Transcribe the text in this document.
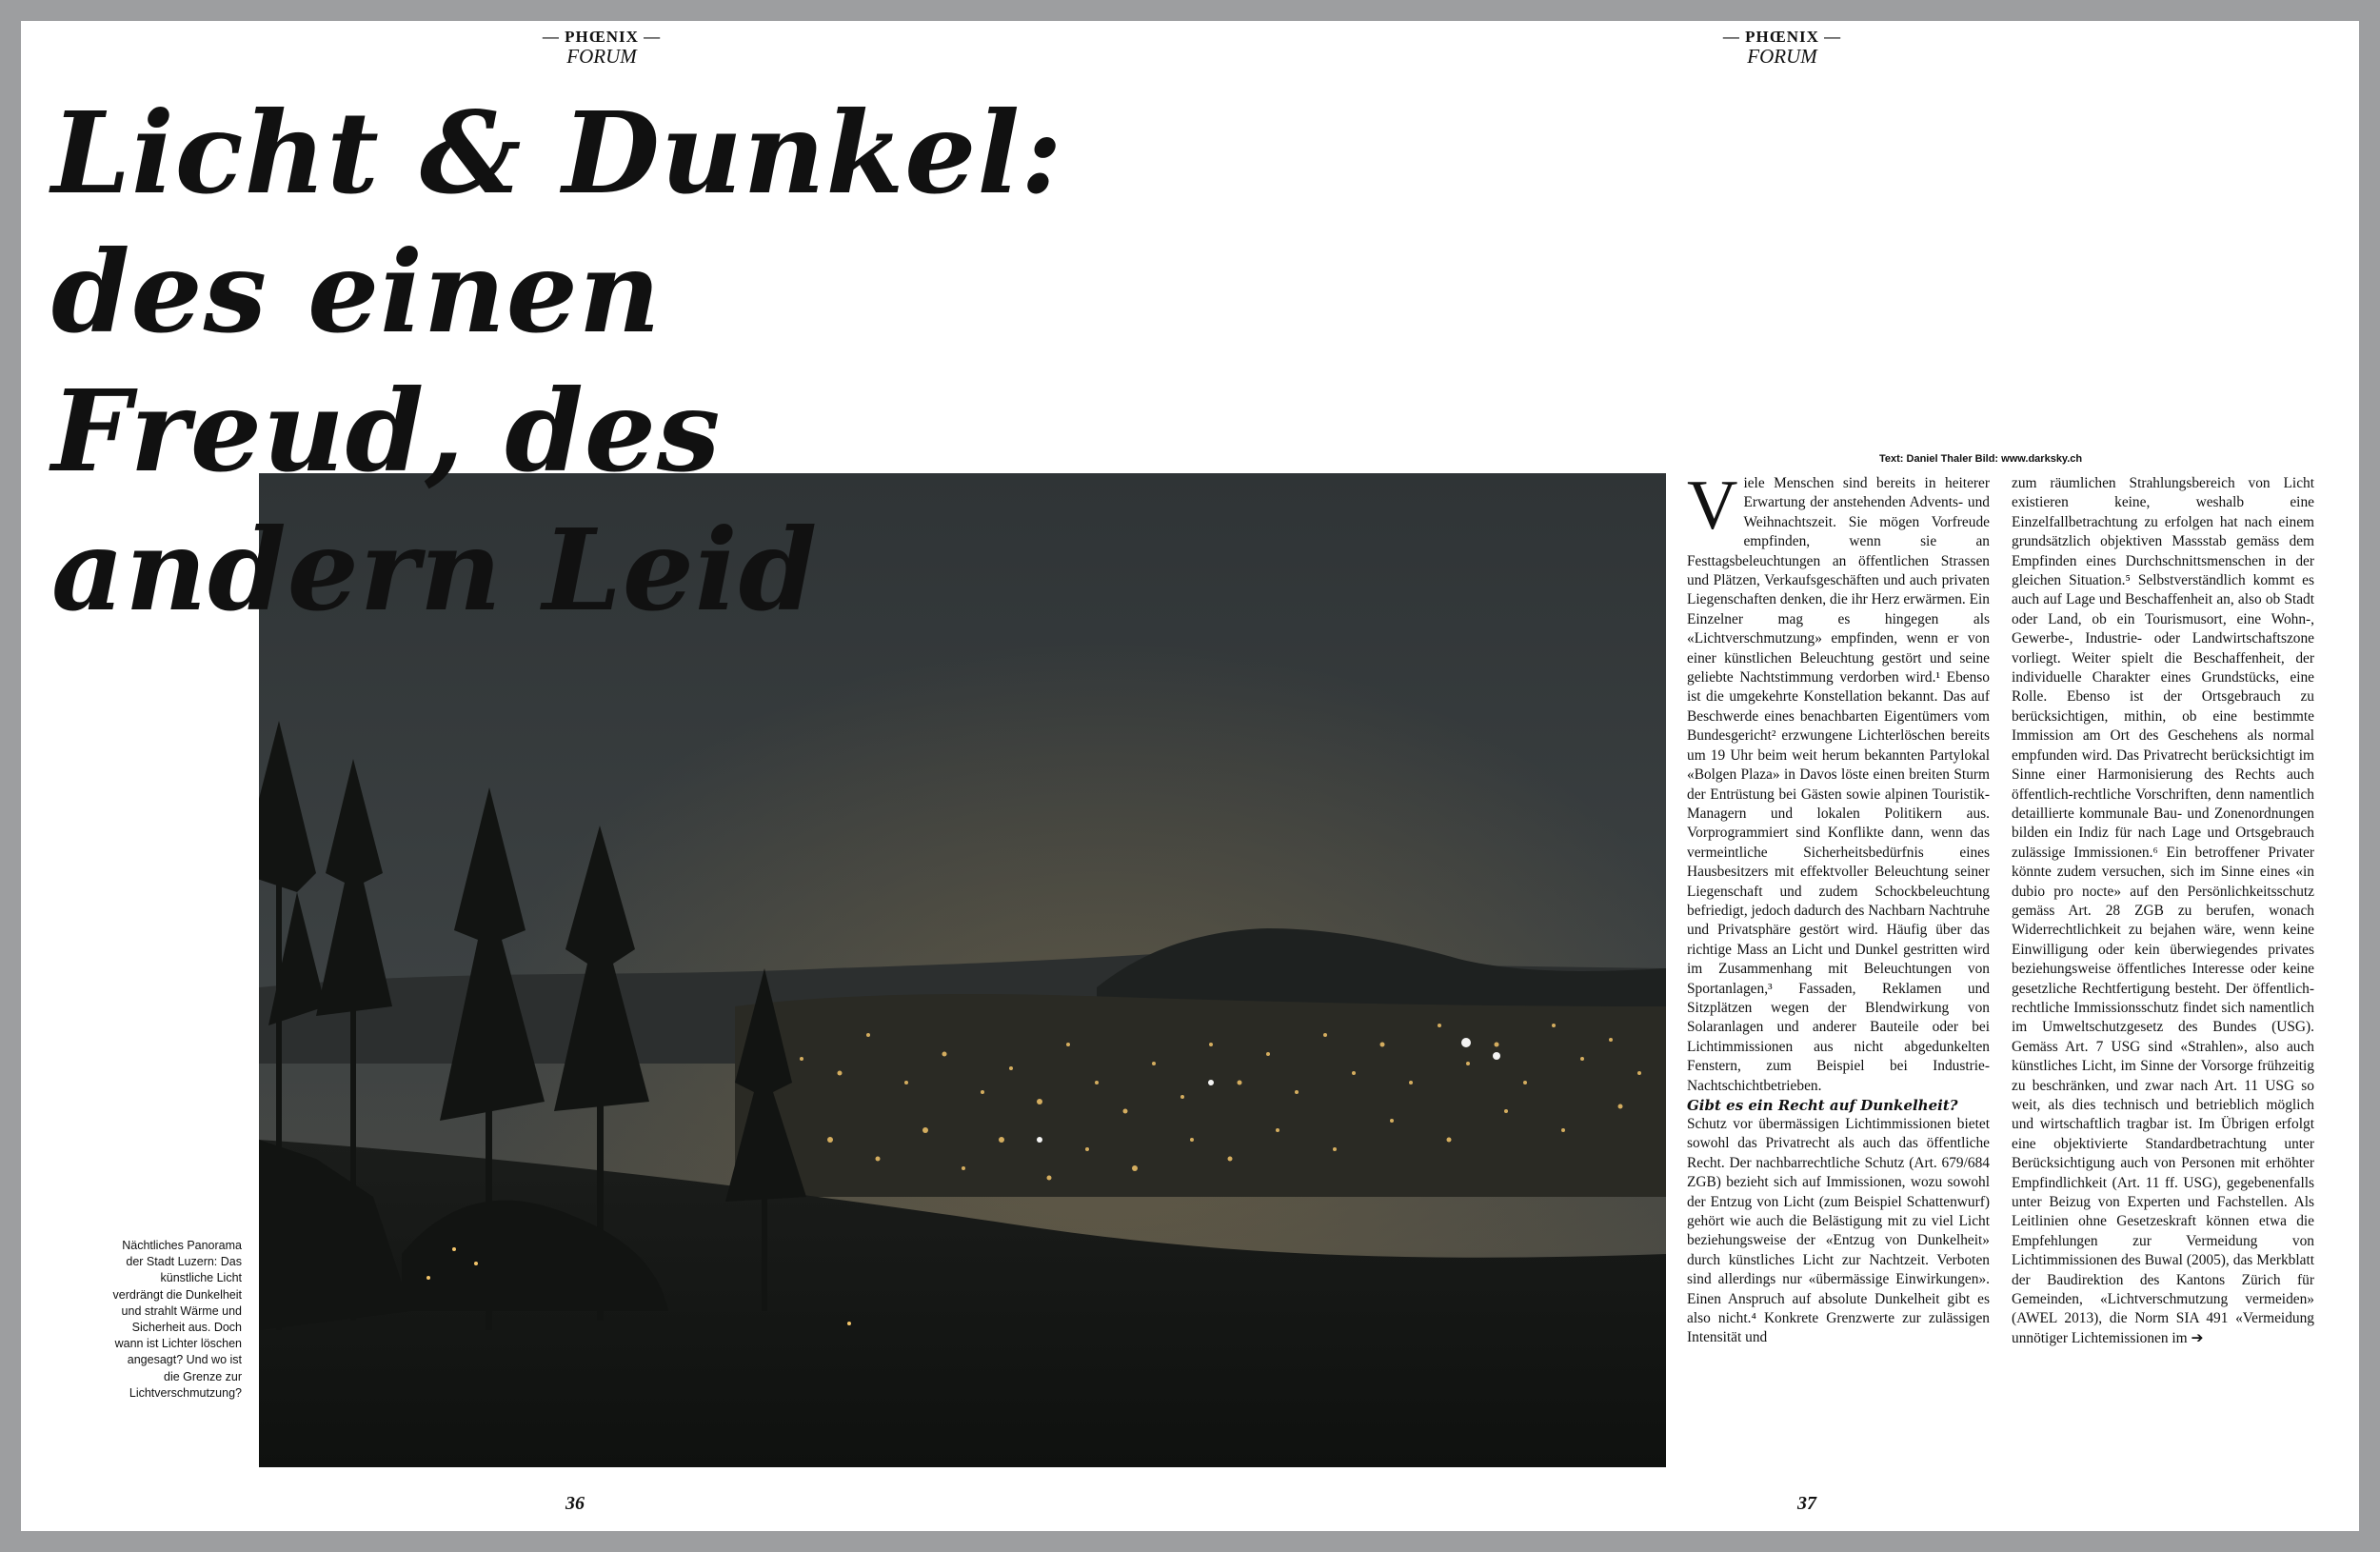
— PHŒNIX —
FORUM
— PHŒNIX —
FORUM
Licht & Dunkel:
des einen
Freud, des
andern Leid
Text: Daniel Thaler Bild: www.darksky.ch
Nächtliches Panorama der Stadt Luzern: Das künstliche Licht verdrängt die Dunkelheit und strahlt Wärme und Sicherheit aus. Doch wann ist Lichter löschen angesagt? Und wo ist die Grenze zur Lichtverschmutzung?

Viele Menschen sind bereits in heiterer Erwartung der anstehenden Advents- und Weihnachtszeit. Sie mögen Vorfreude empfinden, wenn sie an Festtagsbeleuchtungen an öffentlichen Strassen und Plätzen, Verkaufsgeschäften und auch privaten Liegenschaften denken, die ihr Herz erwärmen. Ein Einzelner mag es hingegen als «Lichtverschmutzung» empfinden, wenn er von einer künstlichen Beleuchtung gestört und seine geliebte Nachtstimmung verdorben wird.¹ Ebenso ist die umgekehrte Konstellation bekannt. Das auf Beschwerde eines benachbarten Eigentümers vom Bundesgericht² erzwungene Lichterlöschen bereits um 19 Uhr beim weit herum bekannten Partylokal «Bolgen Plaza» in Davos löste einen breiten Sturm der Entrüstung bei Gästen sowie alpinen Touristik-Managern und lokalen Politikern aus. Vorprogrammiert sind Konflikte dann, wenn das vermeintliche Sicherheitsbedürfnis eines Hausbesitzers mit effektvoller Beleuchtung seiner Liegenschaft und zudem Schockbeleuchtung befriedigt, jedoch dadurch des Nachbarn Nachtruhe und Privatsphäre gestört wird. Häufig über das richtige Mass an Licht und Dunkel gestritten wird im Zusammenhang mit Beleuchtungen von Sportanlagen,³ Fassaden, Reklamen und Sitzplätzen wegen der Blendwirkung von Solaranlagen und anderer Bauteile oder bei Lichtimmissionen aus nicht abgedunkelten Fenstern, zum Beispiel bei Industrie-Nachtschichtbetrieben.

Gibt es ein Recht auf Dunkelheit?

Schutz vor übermässigen Lichtimmissionen bietet sowohl das Privatrecht als auch das öffentliche Recht. Der nachbarrechtliche Schutz (Art. 679/684 ZGB) bezieht sich auf Immissionen, wozu sowohl der Entzug von Licht (zum Beispiel Schattenwurf) gehört wie auch die Belästigung mit zu viel Licht beziehungsweise der «Entzug von Dunkelheit» durch künstliches Licht zur Nachtzeit. Verboten sind allerdings nur «übermässige Einwirkungen». Einen Anspruch auf absolute Dunkelheit gibt es also nicht.⁴ Konkrete Grenzwerte zur zulässigen Intensität und

zum räumlichen Strahlungsbereich von Licht existieren keine, weshalb eine Einzelfallbetrachtung zu erfolgen hat nach einem grundsätzlich objektiven Massstab gemäss dem Empfinden eines Durchschnittsmenschen in der gleichen Situation.⁵ Selbstverständlich kommt es auch auf Lage und Beschaffenheit an, also ob Stadt oder Land, ob ein Tourismusort, eine Wohn-, Gewerbe-, Industrie- oder Landwirtschaftszone vorliegt. Weiter spielt die Beschaffenheit, der individuelle Charakter eines Grundstücks, eine Rolle. Ebenso ist der Ortsgebrauch zu berücksichtigen, mithin, ob eine bestimmte Immission am Ort des Geschehens als normal empfunden wird. Das Privatrecht berücksichtigt im Sinne einer Harmonisierung des Rechts auch öffentlich-rechtliche Vorschriften, denn namentlich detaillierte kommunale Bau- und Zonenordnungen bilden ein Indiz für nach Lage und Ortsgebrauch zulässige Immissionen.⁶ Ein betroffener Privater könnte zudem versuchen, sich im Sinne eines «in dubio pro nocte» auf den Persönlichkeitsschutz gemäss Art. 28 ZGB zu berufen, wonach Widerrechtlichkeit zu bejahen wäre, wenn keine Einwilligung oder kein überwiegendes privates beziehungsweise öffentliches Interesse oder keine gesetzliche Rechtfertigung besteht. Der öffentlich-rechtliche Immissionsschutz findet sich namentlich im Umweltschutzgesetz des Bundes (USG). Gemäss Art. 7 USG sind «Strahlen», also auch künstliches Licht, im Sinne der Vorsorge frühzeitig zu beschränken, und zwar nach Art. 11 USG so weit, als dies technisch und betrieblich möglich und wirtschaftlich tragbar ist. Im Übrigen erfolgt eine objektivierte Standardbetrachtung unter Berücksichtigung auch von Personen mit erhöhter Empfindlichkeit (Art. 11 ff. USG), gegebenenfalls unter Beizug von Experten und Fachstellen. Als Leitlinien ohne Gesetzeskraft können etwa die Empfehlungen zur Vermeidung von Lichtimmissionen des Buwal (2005), das Merkblatt der Baudirektion des Kantons Zürich für Gemeinden, «Lichtverschmutzung vermeiden» (AWEL 2013), die Norm SIA 491 «Vermeidung unnötiger Lichtemissionen im ➔

36	37
